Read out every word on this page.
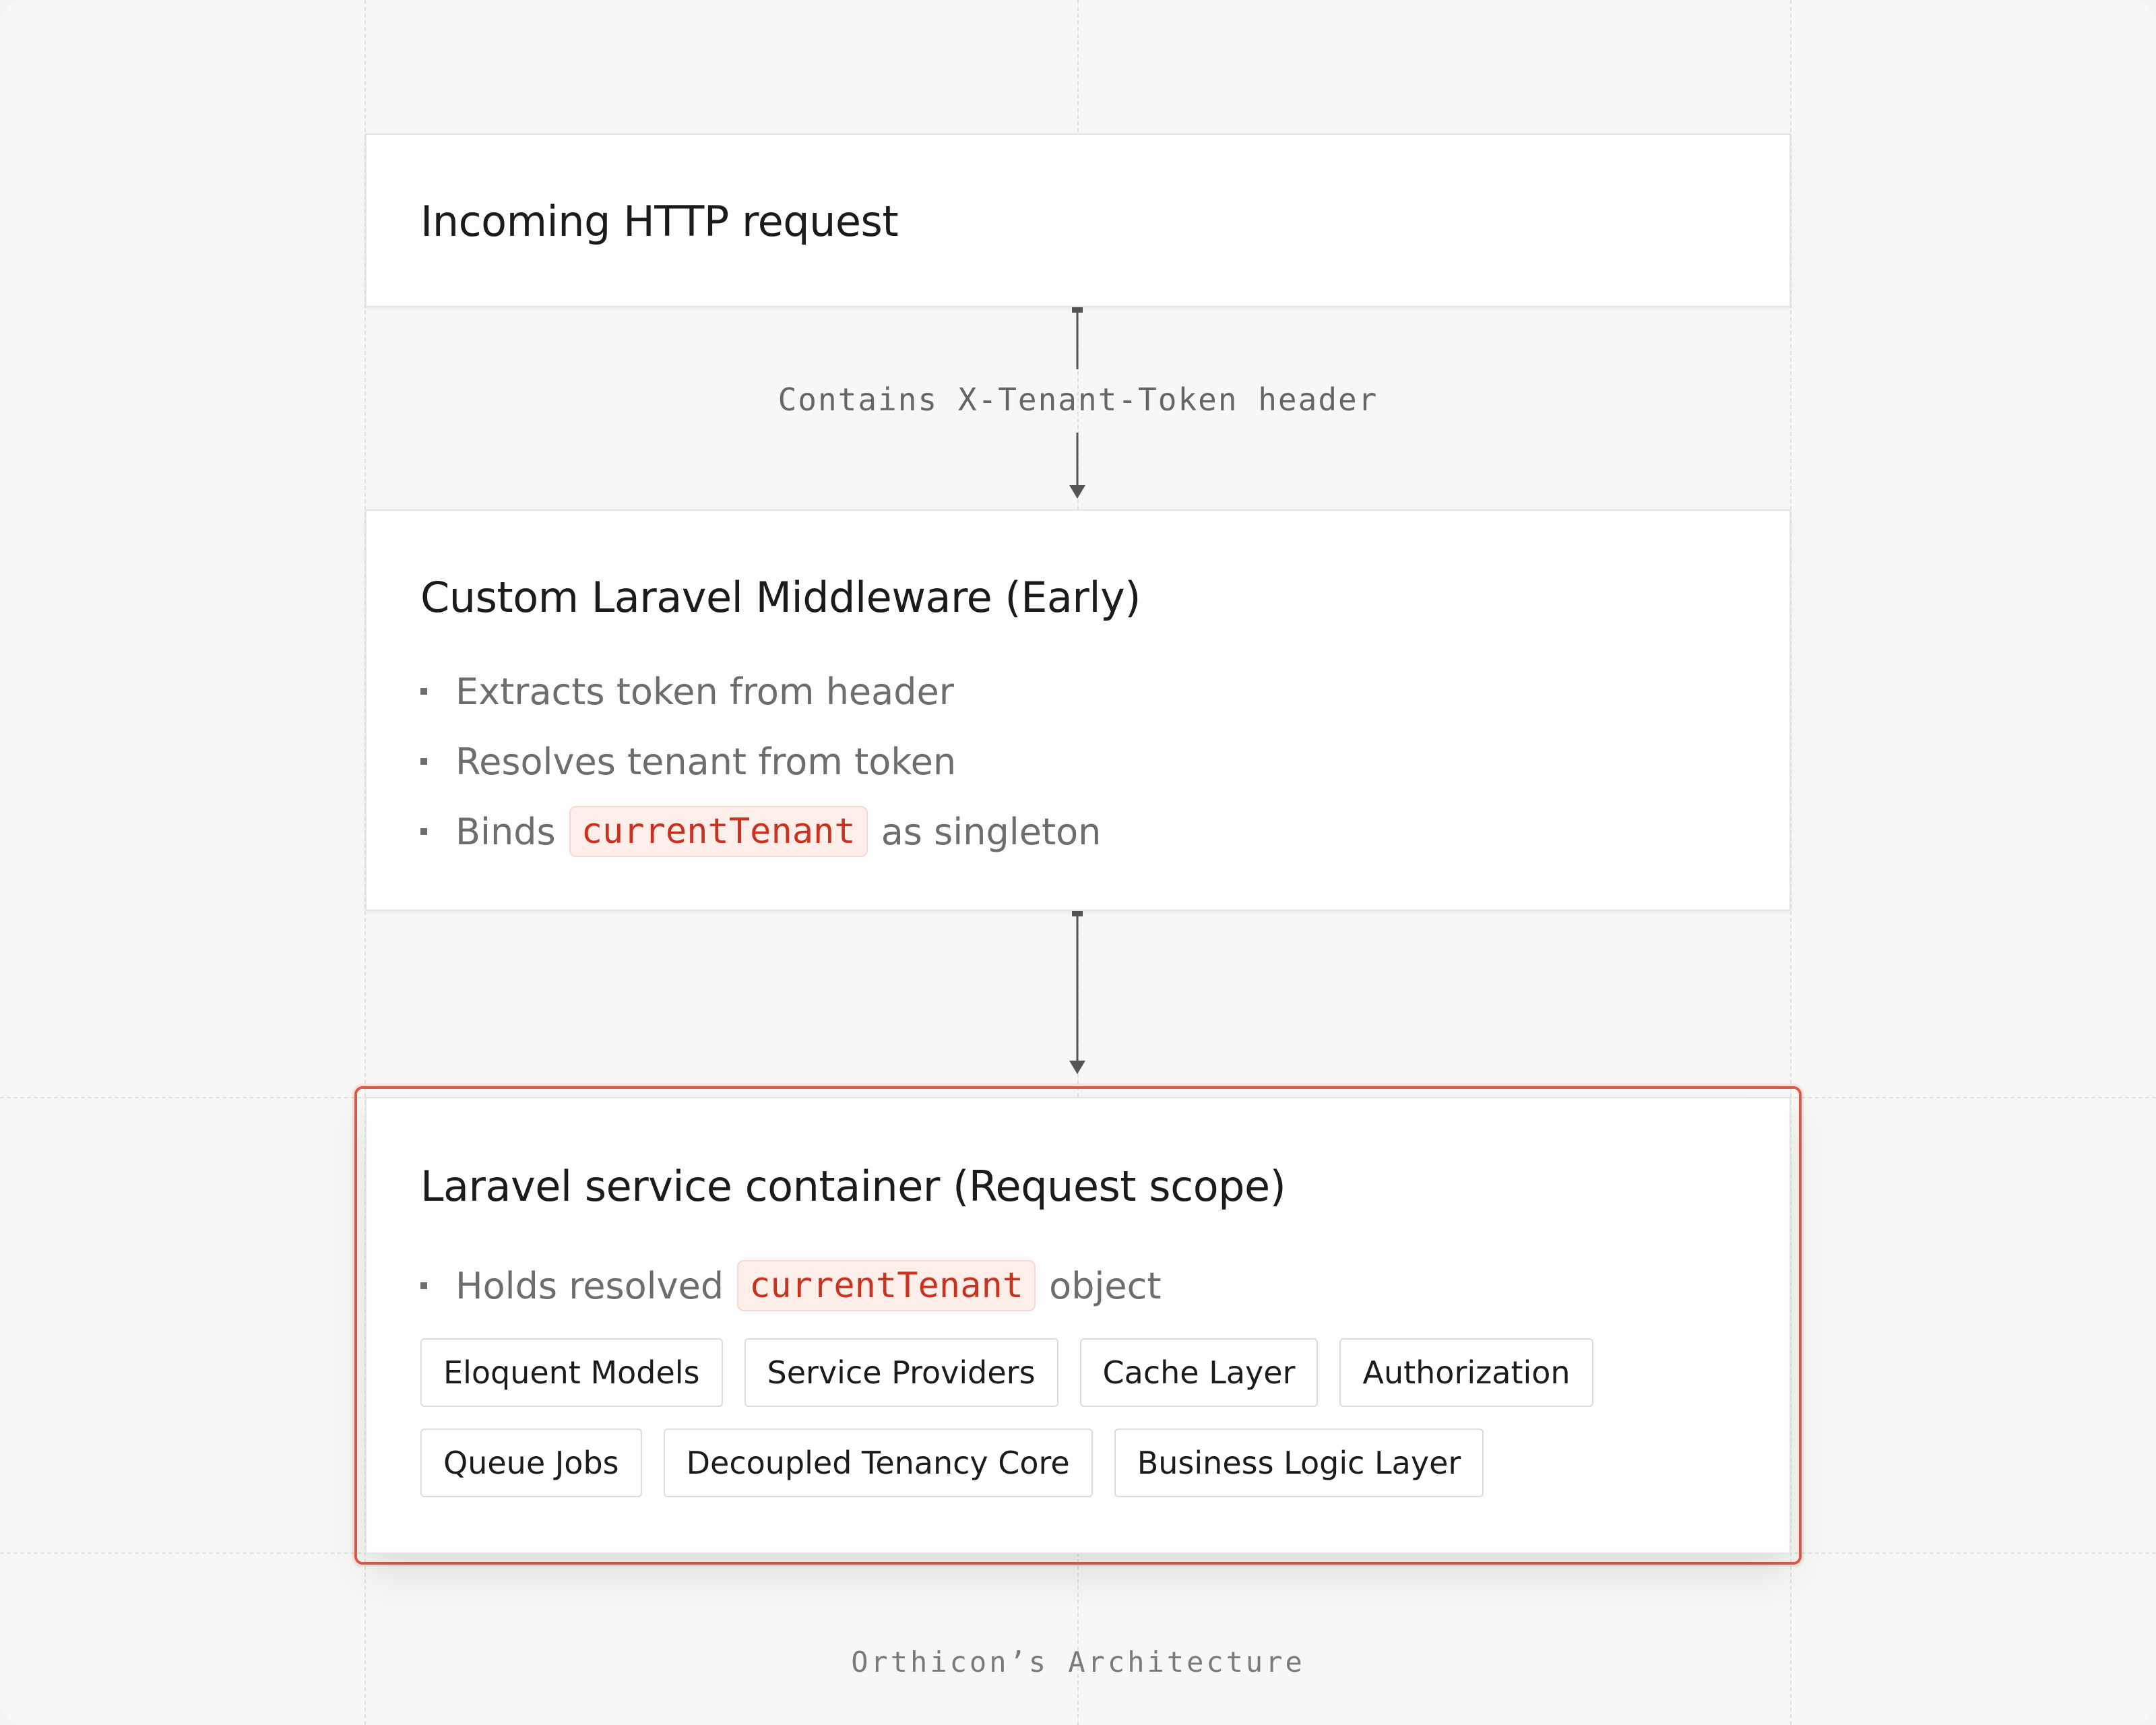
Contains X-Tenant-Token header
Incoming HTTP request
Custom Laravel Middleware (Early)
Extracts token from header
Resolves tenant from token
Binds currentTenant as singleton
Laravel service container (Request scope)
Holds resolved currentTenant object
Eloquent Models	Service Providers	Cache Layer	Authorization
Queue Jobs	Decoupled Tenancy Core	Business Logic Layer
Orthicon’s Architecture
